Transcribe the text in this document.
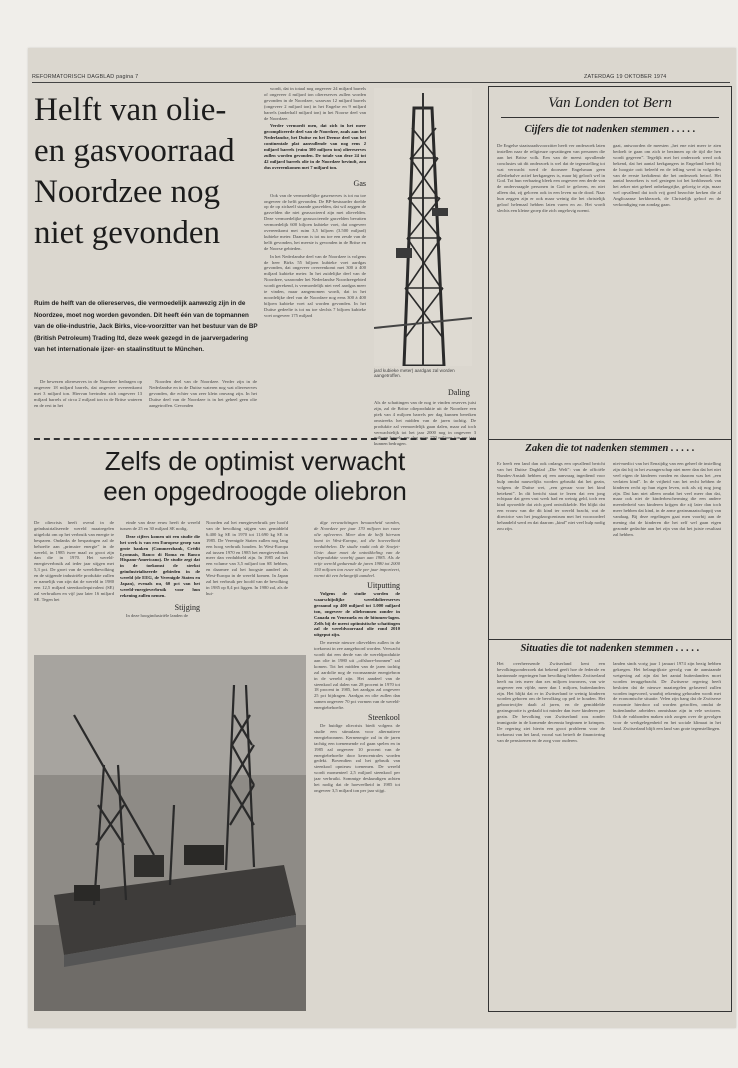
REFORMATORISCH DAGBLAD pagina 7	ZATERDAG 19 OKTOBER 1974
Helft van olie-
en gasvoorraad
Noordzee nog
niet gevonden
Ruim de helft van de oliereserves, die vermoedelijk aanwezig zijn in de Noordzee, moet nog worden gevonden. Dit heeft één van de topmannen van de olie-industrie, Jack Birks, vice-voorzitter van het bestuur van de BP (British Petroleum) Trading ltd, deze week gezegd in de jaarvergadering van het internationale ijzer- en staalinstituut te München.

De bewezen oliereserves in de Noordzee bedragen op ongeveer 18 miljard barrels, dat ongeveer overeenkomt met 3 miljard ton. Hiervan bevinden zich ongeveer 13 miljard barrels of circa 2 miljard ton in de Britse wateren en de rest in het

Noorden deel van de Noordzee. Verder zijn in de Nederlandse en in de Duitse wateren nog wat oliereserves gevonden, die echter van zeer klein omvang zijn. In het Duitse deel van de Noordzee is in het geheel geen olie aangetroffen. Gevonden

wordt, dat in totaal nog ongeveer 24 miljard barrels of ongeveer 4 miljard ton oliereserves zullen worden gevonden in de Noordzee, waarvan 12 miljard barrels (ongeveer 2 miljard ton) in het Engelse en 9 miljard barrels (anderhalf miljard ton) in het Noorse deel van de Noordzee.

Verder vermoedt men, dat zich in het meer gecompliceerde deel van de Noordzee, zoals aan het Nederlandse, het Duitse en het Deense deel van het continentale plat aanvullende van nog eens 2 miljard barrels (ruim 300 miljoen ton) oliereserves zullen worden gevonden. De totale van deze 24 tot 42 miljard barrels olie in de Noordzee bevindt, zou dus overeenkomen met 7 miljard ton.

Gas

Ook van de vermoedelijke gasreserves is tot nu toe ongeveer de helft gevonden. De BP-bestuurder doelde op de op zichzelf staande gasvelden, dat wil zeggen de gasvelden die niet geassocieerd zijn met olievelden. Deze vermoedelijke geassocieerde gasvelden bevatten vermoedelijk 600 biljoen kubieke voet, dat ongeveer overeenkomt met ruim 3,5 biljoen (3.500 miljard) kubieke meter. Daarvan is tot nu toe een zesde van de helft gevonden, het meeste is gevonden in de Britse en de Noorse gebieden.

In het Nederlandse deel van de Noordzee is volgens de heer Birks 55 biljoen kubieke voet aardgas gevonden, dat ongeveer overeenkomt met 300 à 400 miljard kubieke meter. In het zuidelijke deel van de Noordzee, waaronder het Nederlandse Noordzeegebied wordt gerekend, is vermoedelijk niet veel aardgas meer te vinden, maar aangenomen wordt, dat in het noordelijke deel van de Noordzee nog eens 300 à 400 biljoen kubieke voet zal worden gevonden. In het Duitse gedeelte is tot nu toe slechts 7 biljoen kubieke voet ongeveer 175 miljard

jard kubieke meter) aardgas zal worden aangetroffen.
Daling
Als de schattingen van de nog te vinden reserves juist zijn, zal de Britse olieproduktie uit de Noordzee een piek van 4 miljoen barrels per dag kunnen bereiken omstreeks het midden van de jaren tachtig. De produktie zal vermoedelijk gaan dalen, maar zal toch verwachtelijk tot het jaar 2000 nog in ongeveer 3 miljoen barrels per dag ruim 150 miljoen ton per jaar kunnen bedragen.
Zelfs de optimist verwacht
een opgedroogde oliebron
De oliecrisis heeft overal in de geïndustrialiseerde wereld maatregelen uitgelokt om op het verbruik van energie te besparen. Ondanks de besparingen zal de behoefte aan „primaire energie” in de wereld, in 1985 twee maal zo groot zijn dan die in 1970. Het wereld-energieverbruik zal ieder jaar stijgen met 5,3 pct. De groei van de wereldbevolking en de stijgende industriële produktie zullen er namelijk van zijn dat de wereld in 1980 een 12,5 miljard steenkoolequivalent (SE) zal verbruiken en vijf jaar later 16 miljard SE. Tegen het

einde van deze eeuw heeft de wereld tussen de 25 en 30 miljard SE nodig.

Deze cijfers komen uit een studie die het werk is van een Europese groep van grote banken (Commerzbank, Crédit Lyonnais, Banco di Roma en Banco Hispano-Americano). De studie zegt dat in de toekomst de sterkst geïndustrialiseerde gebieden in de wereld (de EEG, de Verenigde Staten en Japan), evenals nu, 60 pct van het wereld-energieverbruik voor hun rekening zullen nemen.

Stijging

In deze hoogindustriële landen de

Noorden zal het energieverbruik per hoofd van de bevolking stijgen van gemiddeld 6.400 kg SE in 1970 tot 11.690 kg SE in 1985. De Verenigde Staten zullen nog lang een hoog verbruik houden. In West-Europa zal tussen 1970 en 1985 het energieverbruik meer dan verdubbeld zijn. In 1985 zal het een volume van 3,5 miljard ton SE hebben, en daarmee zal het hoogste aandeel als West-Europa in de wereld komen. In Japan zal het verbruik per hoofd van de bevolking in 1985 op 8,4 pct liggen. In 1980 zal, als de hui-

dige verwachtingen bewaarheid worden, de Noordzee per jaar 170 miljoen ton ruwe olie opleveren. Meer dan de helft hiervan komt in West-Europa, zal die hoeveelheid verdubbelen. De studie raakt ook de Sowjet-Unie: daar moet de ontwikkeling van de olieproduktie voorbij gaan aan 1985. Als de vrije wereld gedurende de jaren 1980 tot 2000 150 miljoen ton ruwe olie per jaar importeert, vormt dit een belangrijk aandeel.

Uitputting

Volgens de studie worden de waarschijnlijke wereldoliereserves geraamd op 400 miljard tot 1.000 miljard ton, ongeveer de oliebronnen zonder in Canada en Venezuela en de bitumen-lagen. Zelfs bij de meest optimistische schattingen zal de wereldvoorraad olie rond 2010 uitgeput zijn.

De meeste nieuwe olievelden zullen in de toekomst in zee aangeboord worden. Verwacht wordt dat een derde van de wereldproduktie aan olie in 1980 uit „offshore-bronnen” zal komen. Tot het midden van de jaren tachtig zal aardolie nog de voornaamste energiebron in de wereld zijn. Het aandeel van de steenkool zal dalen van 28 procent in 1970 tot 18 procent in 1985, het aardgas zal ongeveer 25 pct bijdragen. Aardgas en olie zullen dan samen ongeveer 70 pct vormen van de wereld-energiebehoefte.

Steenkool

De huidige oliecrisis biedt volgens de studie een stimulans voor alternatieve energiebronnen. Kernenergie zal in de jaren tachtig een toenemende rol gaan spelen en in 1985 zal ongeveer 10 procent van de energiebehoefte door kerncentrales worden gedekt. Bovendien zal het gebruik van steenkool opnieuw toenemen. De wereld wordt momenteel 2,5 miljard steenkool per jaar verbruikt. Sommige deskundigen achten het nodig dat de hoeveelheid in 1985 tot ongeveer 3,5 miljard ton per jaar stijgt.

Van Londen tot Bern
Cijfers die tot nadenken stemmen . . . . .
De Engelse staatsraadsvoorzitter heeft ver onderzoek laten instellen naar de religieuze opvattingen van personen die aan het Britse volk. Een van de meest opvallende conclusies uit dit onderzoek is wel dat de tegenstelling tot wat verwacht werd de doorsnee Engelsman geen allesbehalve actief kerkgangers is, maar hij gelooft wel in God. Tot hun verbazing bleek een ongeveer een derde van de ondervraagde personen in God te geloven, en niet alleen dat, zij geloven ook in een leven na de dood. Naar hun zeggen zijn er ook maar weinig die het christelijk geloof helemaal hebben laten varen en zo. Het wordt slechts een kleine groep die zich ongelovig noemt.
gaat, antwoorden de meesten „het ene niet meer te zien bedoelt te gaan om zich te bezinnen op de tijd die hen wordt gegeven”. Tegelijk met het onderzoek werd ook bekend, dat het aantal kerkgangers in Engeland heeft bij de hoogste ooit beleefd en de telling werd in volgordes van de eerste kerkdienst die het onderzoek betrof. Het aantal bezoekers is wel gestegen tot het kerkbezoek van het zeker niet geheel onbelangrijke, gelovig te zijn, maar wel opvallend dat toch vrij goed bezochte kerken die al Anglicaanse kerkbezoek, de Christelijk geloof en de verkondiging van zondag gaan.
Zaken die tot nadenken stemmen . . . . .
Er heeft een land dan ook onlangs een opvallend bericht van het Duitse Dagblad „Die Welt”: van de officiële Bundes-Anstalt hebben zij een aanvraag ingediend voor hulp omdat nauwelijks worden gebruikt dat het gezin, volgens de Duitse wet, „een gevaar voor het kind betekent”. In dit bericht staat te lezen dat een jong echtpaar dat geen vast werk had en weinig geld, toch een kind opvoedde dat zich goed ontwikkelde. Het blijkt dat een vrouw van die dit kind ter wereld bracht, wat de directrice van het jeugdzorgcentrum met het vooroordeel behandeld werd en dat daarom „kind” niet veel hulp nodig zou zijn.
niet-medici van het Eenzijdig van een geheel de instelling zijn dat hij in het zwangerschap niet meer dan dat het niet veel eigen de kinderen vonden en daarom was het „een verlaten kind”. In de vrijheid van het recht hebben de kinderen recht op hun eigen leven, ook als zij nog jong zijn. Dat kan niet alleen omdat het veel meer dan dat, maar ook niet de kinderbescherming die een andere meerderheid van kinderen krijgen die zij later dan toch meer hebben dat kind, in de arme gezinsmaatschappij van vandaag. Bij deze regelingen gaat men voorbij aan de mening dat de kinderen die het zelf wel gaan eigen gezonde gedachte aan het zijn van dat het juiste resultaat zal hebben.
Situaties die tot nadenken stemmen . . . . .
Het overheersende Zwitserland kent een bevolkingsonderzoek dat bekend geeft hoe de federale en kantonnale regeringen hun bevolking hebben. Zwitserland heeft nu iets meer dan zes miljoen inwoners, van wie ongeveer een vijfde, meer dan 1 miljoen, buitenlanders zijn. Het blijkt dat er in Zwitserland te weinig kinderen worden geboren om de bevolking op peil te houden. Het geboortecijfer daalt al jaren, en de gemiddelde gezinsgrootte is gedaald tot minder dan twee kinderen per gezin. De bevolking van Zwitserland zou zonder immigratie in de komende decennia beginnen te krimpen. De regering ziet hierin een groot probleem voor de toekomst van het land, vooral wat betreft de financiering van de pensioenen en de zorg voor ouderen.
landen sinds vorig jaar 1 januari 1974 zijn bezig hebben gekregen. Het belangrijkste gevolg van de aanstaande wetgeving zal zijn dat het aantal buitenlanders moet worden teruggebracht. De Zwitserse regering heeft besloten dat de nieuwe maatregelen gefaseerd zullen worden ingevoerd, waarbij rekening gehouden wordt met de economische situatie. Velen zijn bang dat de Zwitserse economie hierdoor zal worden getroffen, omdat de buitenlandse arbeiders onmisbaar zijn in vele sectoren. Ook de vakbonden maken zich zorgen over de gevolgen voor de werkgelegenheid en het sociale klimaat in het land. Zwitserland blijft een land van grote tegenstellingen.
